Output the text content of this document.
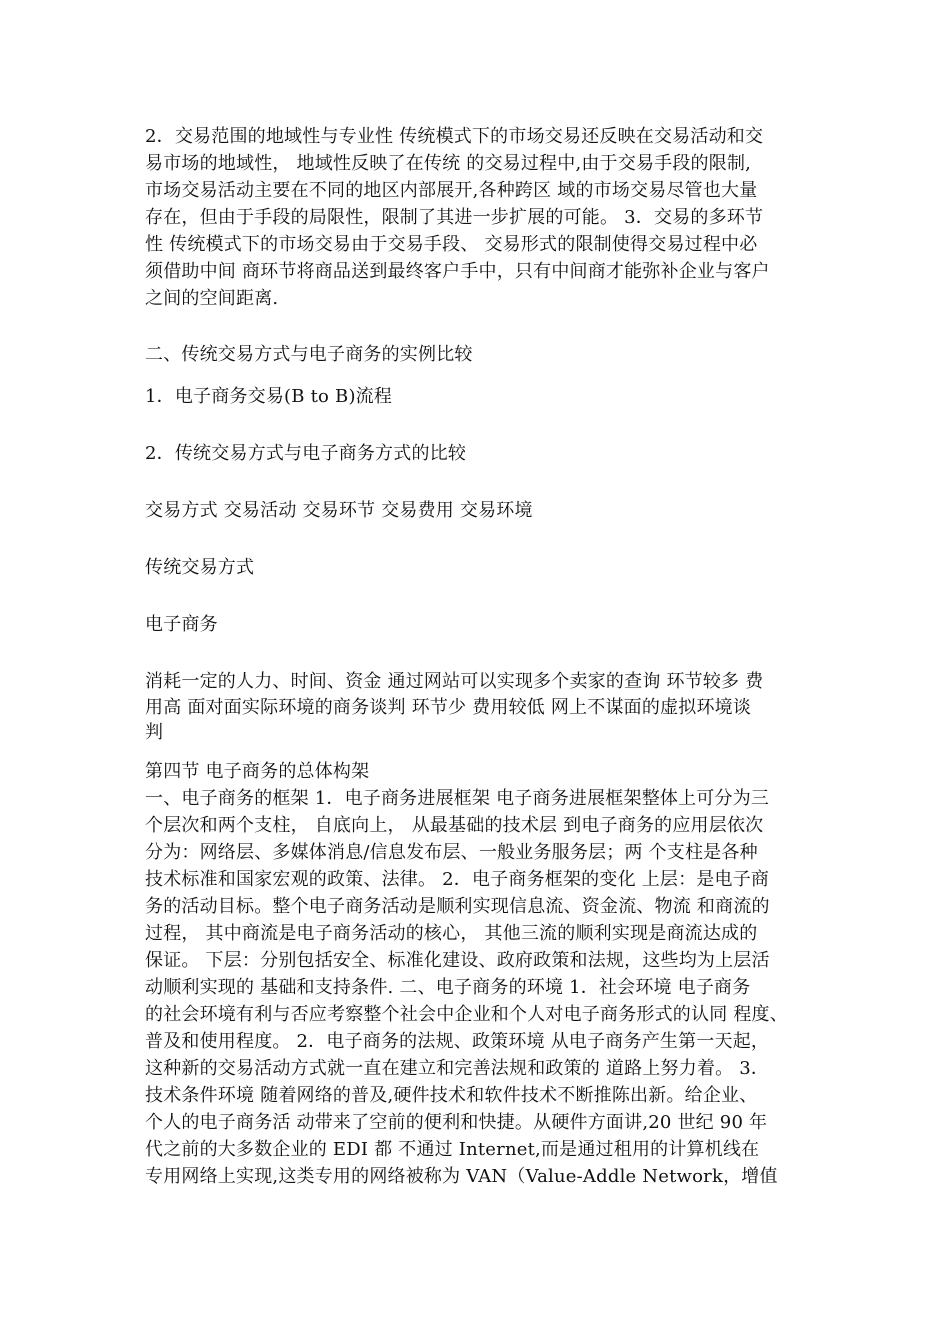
2．交易范围的地域性与专业性 传统模式下的市场交易还反映在交易活动和交
易市场的地域性， 地域性反映了在传统 的交易过程中,由于交易手段的限制,
市场交易活动主要在不同的地区内部展开,各种跨区 域的市场交易尽管也大量
存在，但由于手段的局限性，限制了其进一步扩展的可能。 3．交易的多环节
性 传统模式下的市场交易由于交易手段、 交易形式的限制使得交易过程中必
须借助中间 商环节将商品送到最终客户手中，只有中间商才能弥补企业与客户
之间的空间距离.
二、传统交易方式与电子商务的实例比较
1．电子商务交易(B to B)流程
2．传统交易方式与电子商务方式的比较
交易方式 交易活动 交易环节 交易费用 交易环境
传统交易方式
电子商务
消耗一定的人力、时间、资金 通过网站可以实现多个卖家的查询 环节较多 费
用高 面对面实际环境的商务谈判 环节少 费用较低 网上不谋面的虚拟环境谈
判
第四节 电子商务的总体构架
一、电子商务的框架 1．电子商务进展框架 电子商务进展框架整体上可分为三
个层次和两个支柱， 自底向上， 从最基础的技术层 到电子商务的应用层依次
分为：网络层、多媒体消息/信息发布层、一般业务服务层；两 个支柱是各种
技术标准和国家宏观的政策、法律。 2．电子商务框架的变化 上层：是电子商
务的活动目标。整个电子商务活动是顺利实现信息流、资金流、物流 和商流的
过程， 其中商流是电子商务活动的核心， 其他三流的顺利实现是商流达成的
保证。 下层：分别包括安全、标准化建设、政府政策和法规，这些均为上层活
动顺利实现的 基础和支持条件. 二、电子商务的环境 1．社会环境 电子商务
的社会环境有利与否应考察整个社会中企业和个人对电子商务形式的认同 程度、
普及和使用程度。 2．电子商务的法规、政策环境 从电子商务产生第一天起，
这种新的交易活动方式就一直在建立和完善法规和政策的 道路上努力着。 3．
技术条件环境 随着网络的普及,硬件技术和软件技术不断推陈出新。给企业、
个人的电子商务活 动带来了空前的便利和快捷。从硬件方面讲,20 世纪 90 年
代之前的大多数企业的 EDI 都 不通过 Internet,而是通过租用的计算机线在
专用网络上实现,这类专用的网络被称为 VAN（Value-Addle Network，增值
